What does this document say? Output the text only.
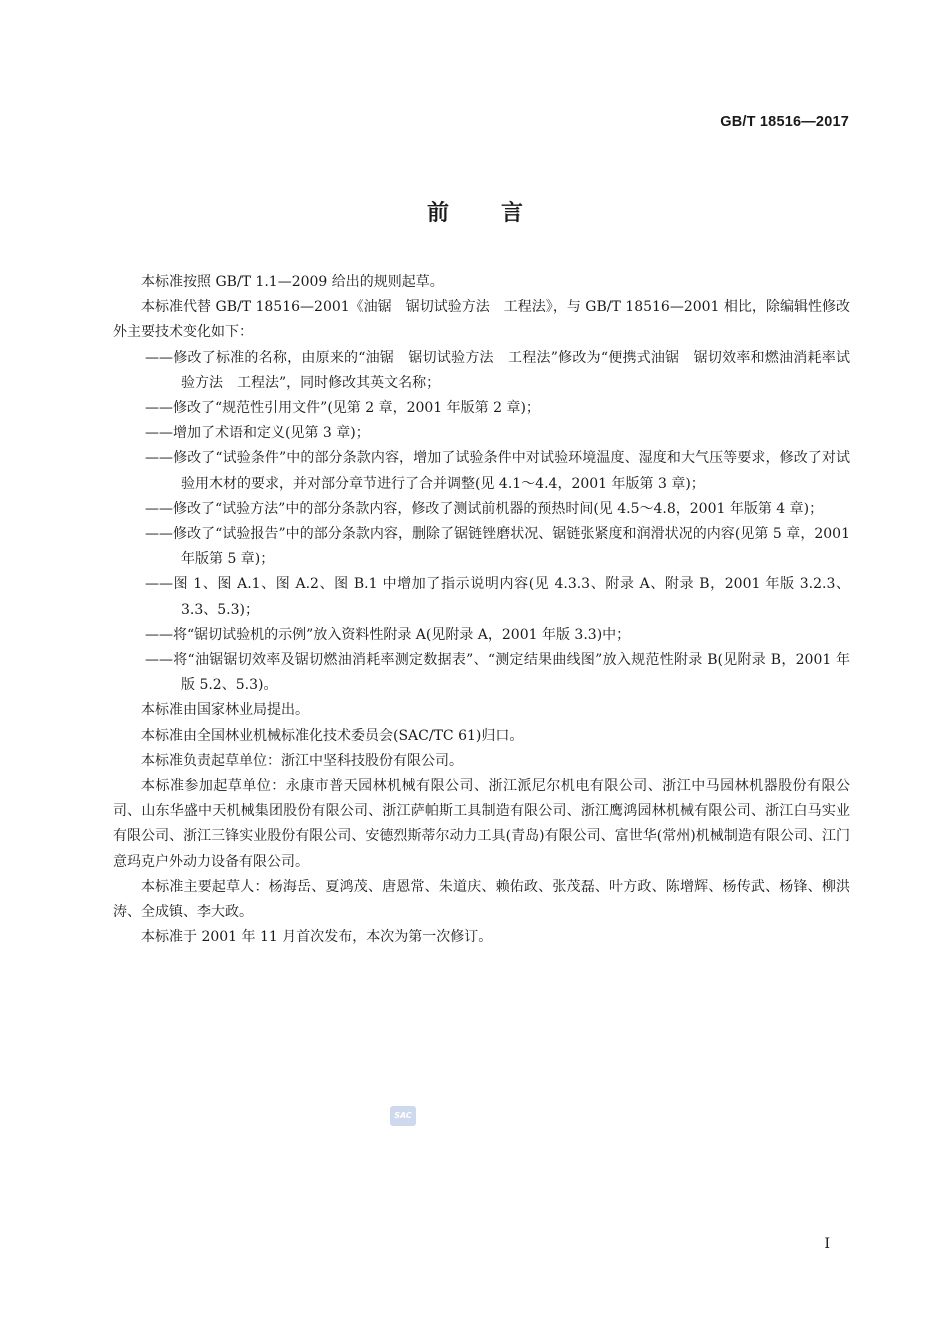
GB/T 18516—2017
前言

本标准按照 GB/T 1.1—2009 给出的规则起草。

本标准代替 GB/T 18516—2001《油锯　锯切试验方法　工程法》，与 GB/T 18516—2001 相比，除编辑性修改外主要技术变化如下：

——修改了标准的名称，由原来的“油锯　锯切试验方法　工程法”修改为“便携式油锯　锯切效率和燃油消耗率试验方法　工程法”，同时修改其英文名称；

——修改了“规范性引用文件”(见第 2 章，2001 年版第 2 章)；

——增加了术语和定义(见第 3 章)；

——修改了“试验条件”中的部分条款内容，增加了试验条件中对试验环境温度、湿度和大气压等要求，修改了对试验用木材的要求，并对部分章节进行了合并调整(见 4.1～4.4，2001 年版第 3 章)；

——修改了“试验方法”中的部分条款内容，修改了测试前机器的预热时间(见 4.5～4.8，2001 年版第 4 章)；

——修改了“试验报告”中的部分条款内容，删除了锯链锉磨状况、锯链张紧度和润滑状况的内容(见第 5 章，2001 年版第 5 章)；

——图 1、图 A.1、图 A.2、图 B.1 中增加了指示说明内容(见 4.3.3、附录 A、附录 B，2001 年版 3.2.3、3.3、5.3)；

——将“锯切试验机的示例”放入资料性附录 A(见附录 A，2001 年版 3.3)中；

——将“油锯锯切效率及锯切燃油消耗率测定数据表”、“测定结果曲线图”放入规范性附录 B(见附录 B，2001 年版 5.2、5.3)。

本标准由国家林业局提出。

本标准由全国林业机械标准化技术委员会(SAC/TC 61)归口。

本标准负责起草单位：浙江中坚科技股份有限公司。

本标准参加起草单位：永康市普天园林机械有限公司、浙江派尼尔机电有限公司、浙江中马园林机器股份有限公司、山东华盛中天机械集团股份有限公司、浙江萨帕斯工具制造有限公司、浙江鹰鸿园林机械有限公司、浙江白马实业有限公司、浙江三锋实业股份有限公司、安德烈斯蒂尔动力工具(青岛)有限公司、富世华(常州)机械制造有限公司、江门意玛克户外动力设备有限公司。

本标准主要起草人：杨海岳、夏鸿茂、唐恩常、朱道庆、赖佑政、张茂磊、叶方政、陈增辉、杨传武、杨锋、柳洪涛、全成镇、李大政。

本标准于 2001 年 11 月首次发布，本次为第一次修订。

SAC
I
